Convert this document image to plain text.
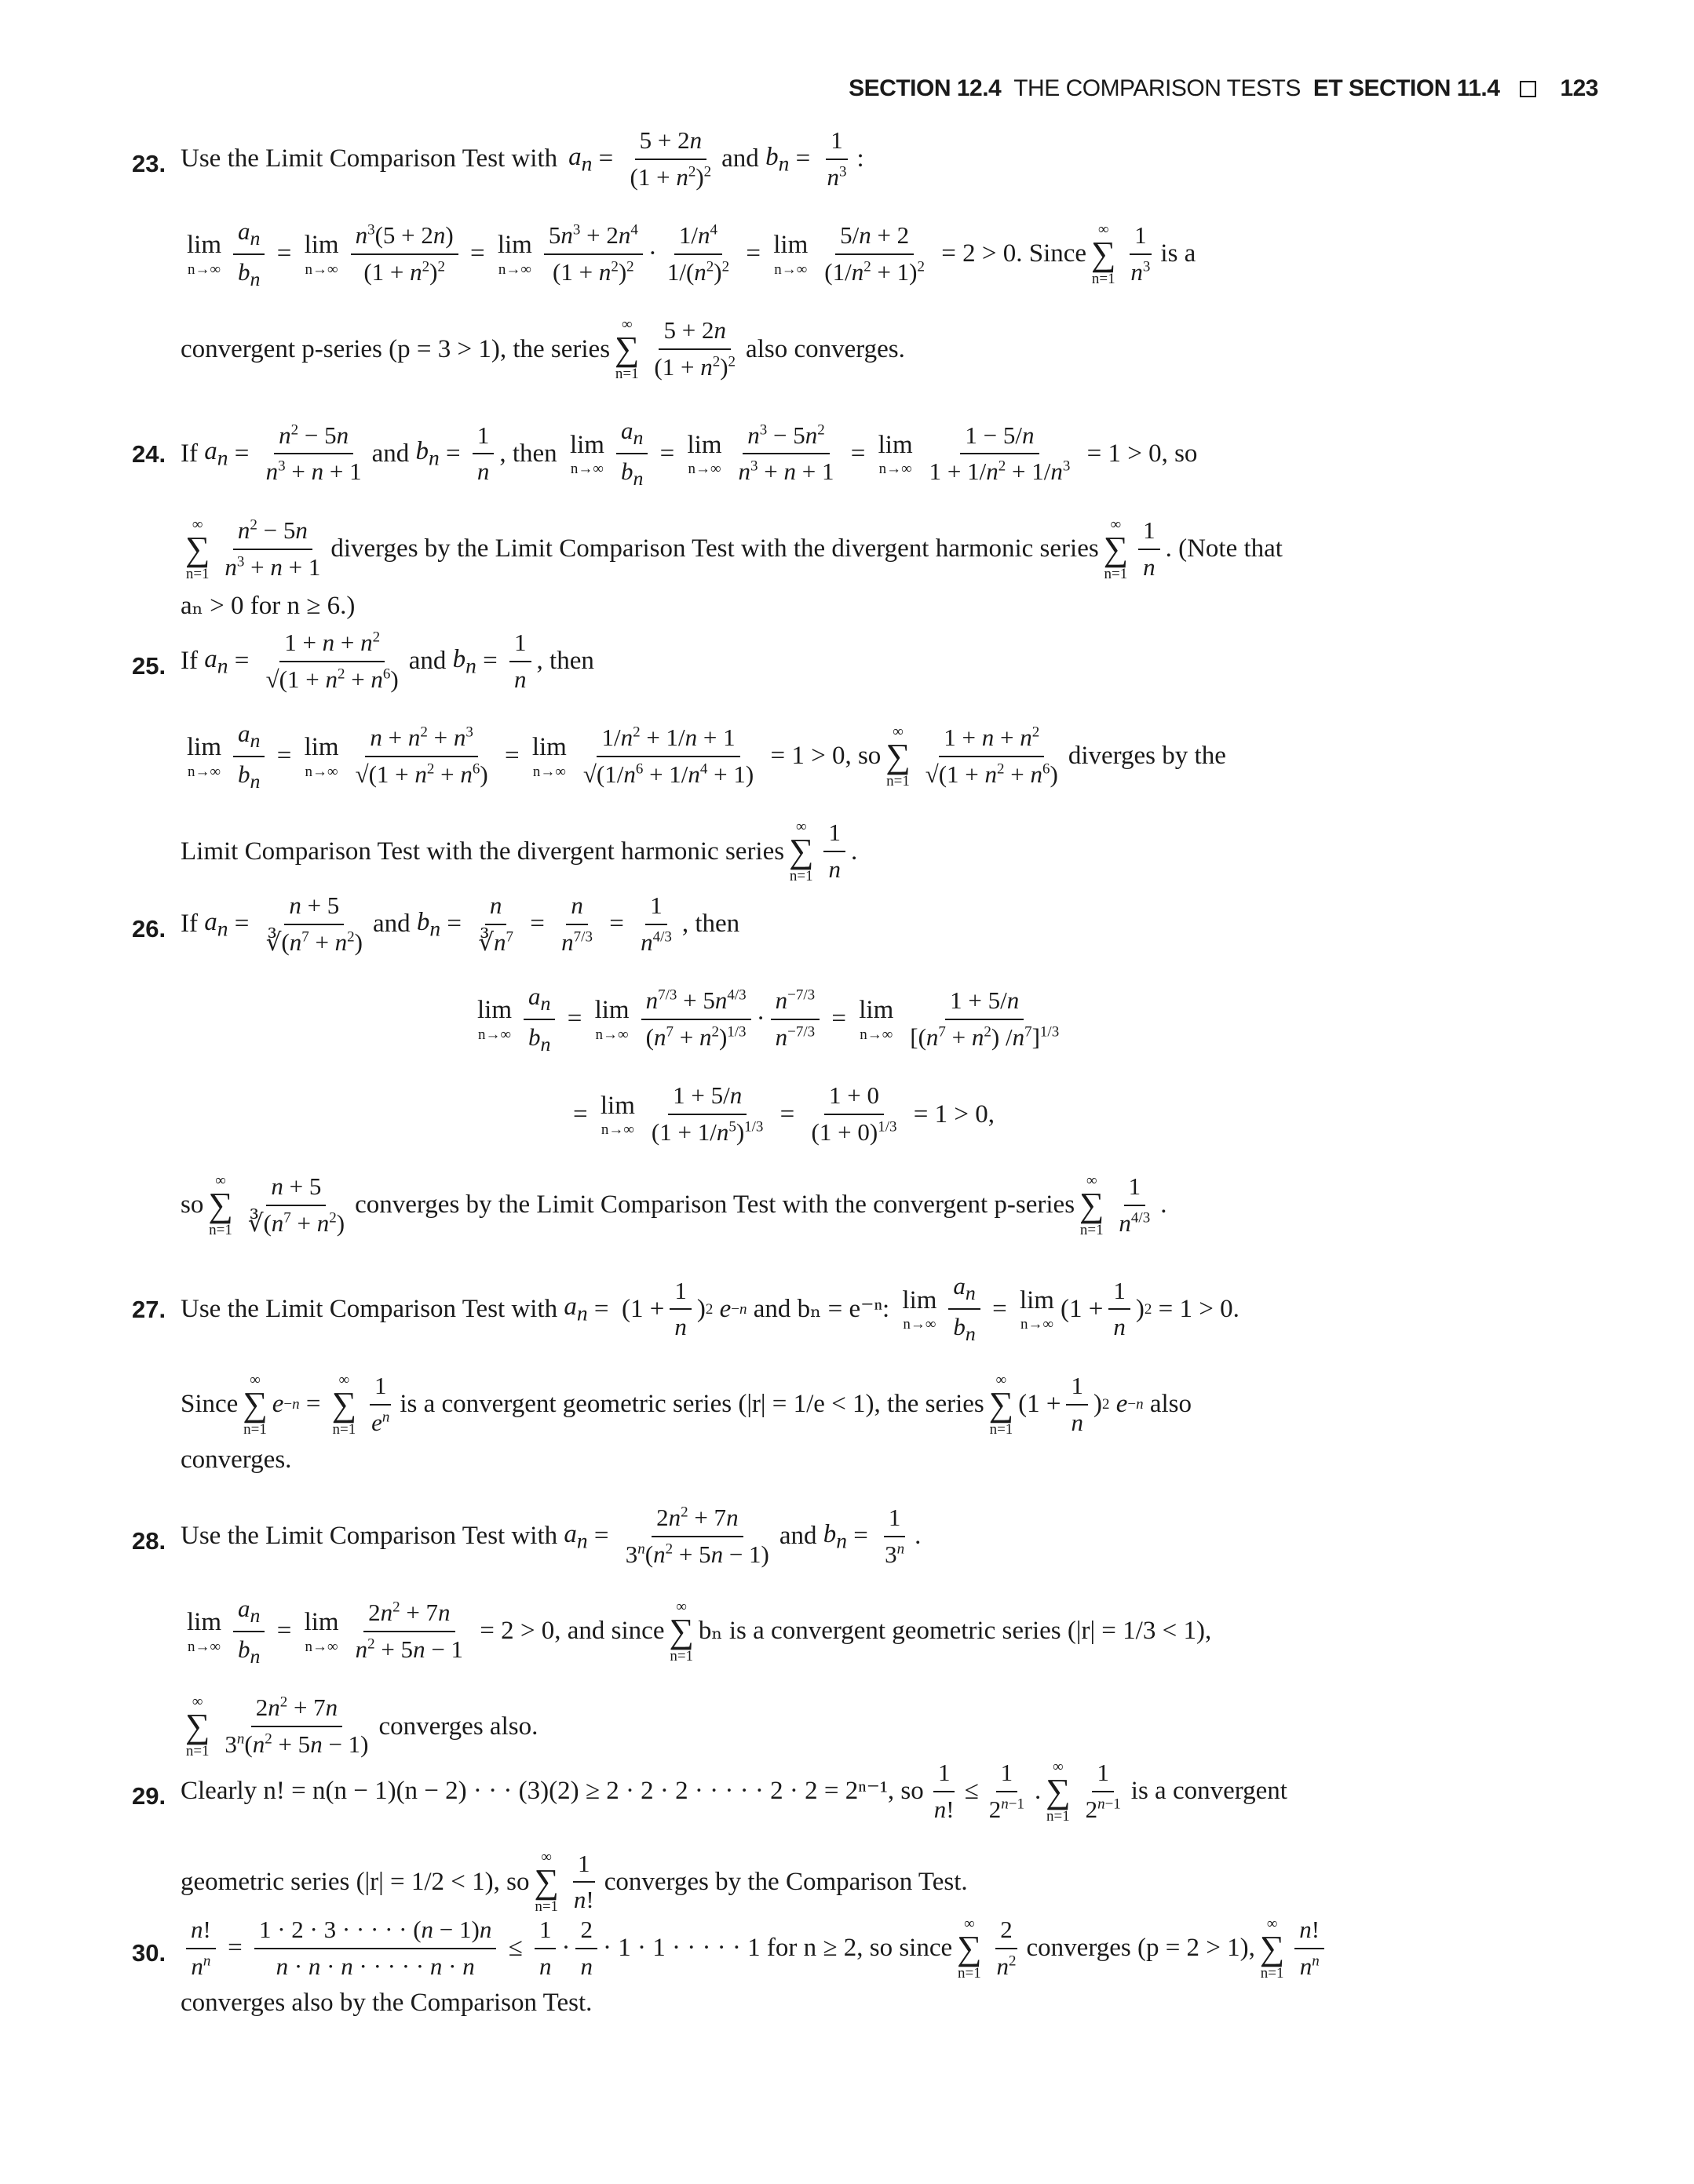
SECTION 12.4 THE COMPARISON TESTS ET SECTION 11.4	123
23. Use the Limit Comparison Test with $a_n = \frac{5 + 2n}{(1 + n^2)^2}$ and
$b_n = \frac{1}{n^3}$ :
lim
$n\to\infty \frac{a_n}{b_n} = \lim$
$n\to\infty \frac{n^3(5 + 2n)}{(1 + n^2)^2} = \lim$
$n\to\infty \frac{5n^3 + 2n^4}{(1 + n^2)^2} \cdot \frac{1/n^4}{1/(n^2)^2} = \lim$
$n\to\infty \frac{5/n + 2}{(1/n^2 + 1)^2}$
= 2 > 0. Since
∞
∑
$n=1 \frac{1}{n^3}$ is a
convergent p-series (p = 3 > 1), the series
∞
∑
$n=1 \frac{5 + 2n}{(1 + n^2)^2}$ also converges.
24. If
$a_n = \frac{n^2 - 5n}{n^3 + n + 1}$ and
$b_n = \frac{1}{n}$ , then
lim
$n\to\infty \frac{a_n}{b_n} = \lim$
$n\to\infty \frac{n^3 - 5n^2}{n^3 + n + 1} = \lim$
$n\to\infty \frac{1 - 5/n}{1 + 1/n^2 + 1/n^3}$
= 1 > 0, so
∞
∑
$n=1 \frac{n^2 - 5n}{n^3 + n + 1}$ diverges by the Limit Comparison Test with the divergent harmonic series
∞
∑
$n=1 \frac{1}{n}$ . (Note that
aₙ > 0 for n ≥ 6.)
25. If
$a_n = \frac{1 + n + n^2}{√(1 + n^2 + n^6)}$ and
$b_n = \frac{1}{n}$ , then
lim
$n\to\infty \frac{a_n}{b_n} = \lim$
$n\to\infty \frac{n + n^2 + n^3}{√(1 + n^2 + n^6)} = \lim$
$n\to\infty \frac{1/n^2 + 1/n + 1}{√(1/n^6 + 1/n^4 + 1)}$
= 1 > 0, so
∞
∑
$n=1 \frac{1 + n + n^2}{√(1 + n^2 + n^6)}$ diverges by the
Limit Comparison Test with the divergent harmonic series
∞
∑
$n=1 \frac{1}{n}$ .
26. If
$a_n = \frac{n + 5}{∛(n^7 + n^2)}$ and
$b_n = \frac{n}{∛n^7} = \frac{n}{n^{7/3}} = \frac{1}{n^{4/3}}$ , then
lim
$n\to\infty \frac{a_n}{b_n} = \lim$
$n\to\infty \frac{n^{7/3} + 5n^{4/3}}{(n^7 + n^2)^{1/3}} \cdot \frac{n^{-7/3}}{n^{-7/3}} = \lim$
$n\to\infty \frac{1 + 5/n}{[(n^7 + n^2) /n^7]^{1/3}}$
= lim
$n\to\infty \frac{1 + 5/n}{(1 + 1/n^5)^{1/3}} = \frac{1 + 0}{(1 + 0)^{1/3}}$
= 1 > 0,
so
∞
∑
$n=1 \frac{n + 5}{∛(n^7 + n^2)}$ converges by the Limit Comparison Test with the convergent p-series
∞
∑
$n=1 \frac{1}{n^{4/3}}$ .
27. Use the Limit Comparison Test with
$a_n = (1 + \frac{1}{n}$ ) 2
e −n
and bₙ = e⁻ⁿ:
lim
$n\to\infty \frac{a_n}{b_n} = \lim$
n→∞
($1 + \frac{1}{n}$ ) 2
= 1 > 0.
Since
∞
∑
n=1
e −n =
∞
∑
$n=1 \frac{1}{e^n}$ is a convergent geometric series (|r| = 1/e < 1), the series
∞
∑
n=1
($1 + \frac{1}{n}$ ) 2
e −n
also
converges.
28. Use the Limit Comparison Test with
$a_n = \frac{2n^2 + 7n}{3^n(n^2 + 5n - 1)}$ and
$b_n = \frac{1}{3^n}$ .
lim
$n\to\infty \frac{a_n}{b_n} = \lim$
$n\to\infty \frac{2n^2 + 7n}{n^2 + 5n - 1}$
= 2 > 0, and since
∞
∑
n=1
bₙ is a convergent geometric series (|r| = 1/3 < 1),
∞
∑
$n=1 \frac{2n^2 + 7n}{3^n(n^2 + 5n - 1)}$ converges also.
29. Clearly n! = n(n − 1)(n − 2) · · · (3)(2) ≥ 2 · 2 · 2 · · · · · 2 · 2 = 2ⁿ⁻¹, so $\frac{1}{n!} \le \frac{1}{2^{n-1}}$ .
∞
∑
$n=1 \frac{1}{2^{n-1}}$ is a convergent
geometric series (|r| = 1/2 < 1), so
∞
∑
$n=1 \frac{1}{n!}$ converges by the Comparison Test.
30. $\frac{n!}{n^n} = \frac{1 \cdot 2 \cdot 3 \cdot \cdot \cdot \cdot \cdot (n - 1)n}{n \cdot n \cdot n \cdot \cdot \cdot \cdot \cdot n \cdot n} \le \frac{1}{n} \cdot \frac{2}{n} \cdot 1 \cdot 1$ · · · · · 1 for n ≥ 2, so since
∞
∑
$n=1 \frac{2}{n^2}$ converges (p = 2 > 1),
∞
∑
$n=1 \frac{n!}{n^n}$
converges also by the Comparison Test.
